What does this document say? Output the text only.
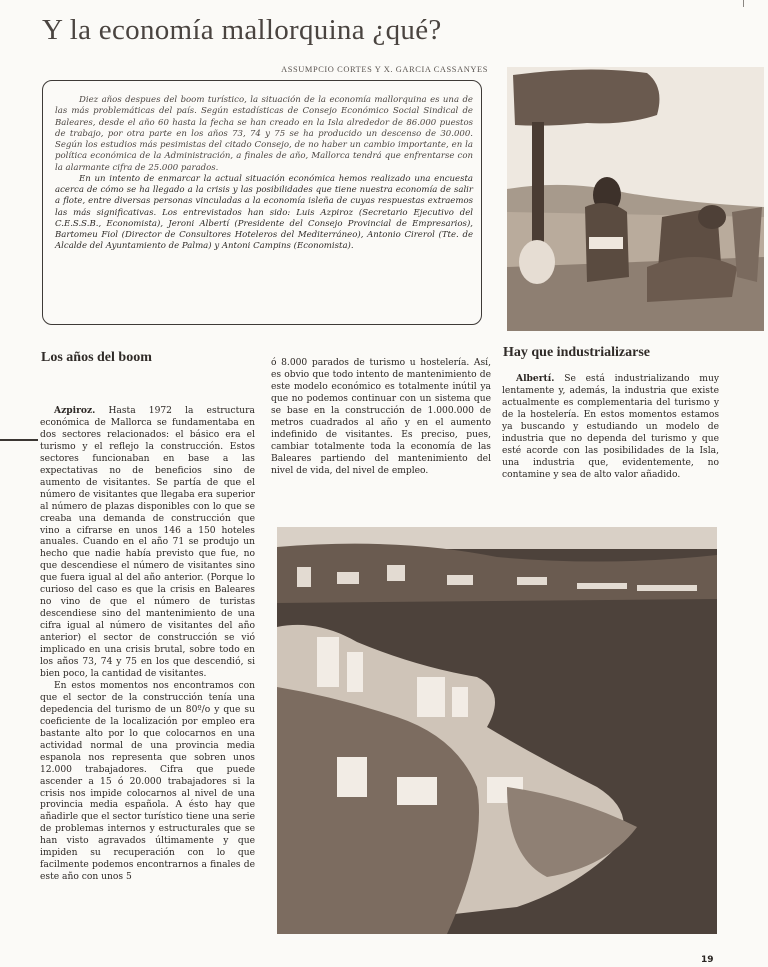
Y la economía mallorquina ¿qué?
ASSUMPCIO CORTES Y X. GARCIA CASSANYES

Diez años despues del boom turístico, la situación de la economía mallorquina es una de las más problemáticas del país. Según estadísticas de Consejo Económico Social Sindical de Baleares, desde el año 60 hasta la fecha se han creado en la Isla alrededor de 86.000 puestos de trabajo, por otra parte en los años 73, 74 y 75 se ha producido un descenso de 30.000. Según los estudios más pesimistas del citado Consejo, de no haber un cambio importante, en la política económica de la Administración, a finales de año, Mallorca tendrá que enfrentarse con la alarmante cifra de 25.000 parados.

En un intento de enmarcar la actual situación económica hemos realizado una encuesta acerca de cómo se ha llegado a la crisis y las posibilidades que tiene nuestra economía de salir a flote, entre diversas personas vinculadas a la economía isleña de cuyas respuestas extraemos las más significativas. Los entrevistados han sido: Luis Azpiroz (Secretario Ejecutivo del C.E.S.S.B., Economista), Jeroni Albertí (Presidente del Consejo Provincial de Empresarios), Bartomeu Fiol (Director de Consultores Hoteleros del Mediterráneo), Antonio Cirerol (Tte. de Alcalde del Ayuntamiento de Palma) y Antoni Campins (Economista).

Los años del boom

Azpiroz. Hasta 1972 la estructura económica de Mallorca se fundamentaba en dos sectores relacionados: el básico era el turismo y el reflejo la construcción. Estos sectores funcionaban en base a las expectativas no de beneficios sino de aumento de visitantes. Se partía de que el número de visitantes que llegaba era superior al número de plazas disponibles con lo que se creaba una demanda de construcción que vino a cifrarse en unos 146 a 150 hoteles anuales. Cuando en el año 71 se produjo un hecho que nadie había previsto que fue, no que descendiese el número de visitantes sino que fuera igual al del año anterior. (Porque lo curioso del caso es que la crisis en Baleares no vino de que el número de turistas descendiese sino del mantenimiento de una cifra igual al número de visitantes del año anterior) el sector de construcción se vió implicado en una crisis brutal, sobre todo en los años 73, 74 y 75 en los que descendió, si bien poco, la cantidad de visitantes.

En estos momentos nos encontramos con que el sector de la construcción tenía una depedencia del turismo de un 80º/o y que su coeficiente de la localización por empleo era bastante alto por lo que colocarnos en una actividad normal de una provincia media espanola nos representa que sobren unos 12.000 trabajadores. Cifra que puede ascender a 15 ó 20.000 trabajadores si la crisis nos impide colocarnos al nivel de una provincia media española. A ésto hay que añadirle que el sector turístico tiene una serie de problemas internos y estructurales que se han visto agravados últimamente y que impiden su recuperación con lo que facilmente podemos encontrarnos a finales de este año con unos 5

ó 8.000 parados de turismo u hostelería. Así, es obvio que todo intento de mantenimiento de este modelo económico es totalmente inútil ya que no podemos continuar con un sistema que se base en la construcción de 1.000.000 de metros cuadrados al año y en el aumento indefinido de visitantes. Es preciso, pues, cambiar totalmente toda la economía de las Baleares partiendo del mantenimiento del nivel de vida, del nivel de empleo.

Hay que industrializarse

Albertí. Se está industrializando muy lentamente y, además, la industria que existe actualmente es complementaria del turismo y de la hostelería. En estos momentos estamos ya buscando y estudiando un modelo de industria que no dependa del turismo y que esté acorde con las posibilidades de la Isla, una industria que, evidentemente, no contamine y sea de alto valor añadido.

19
